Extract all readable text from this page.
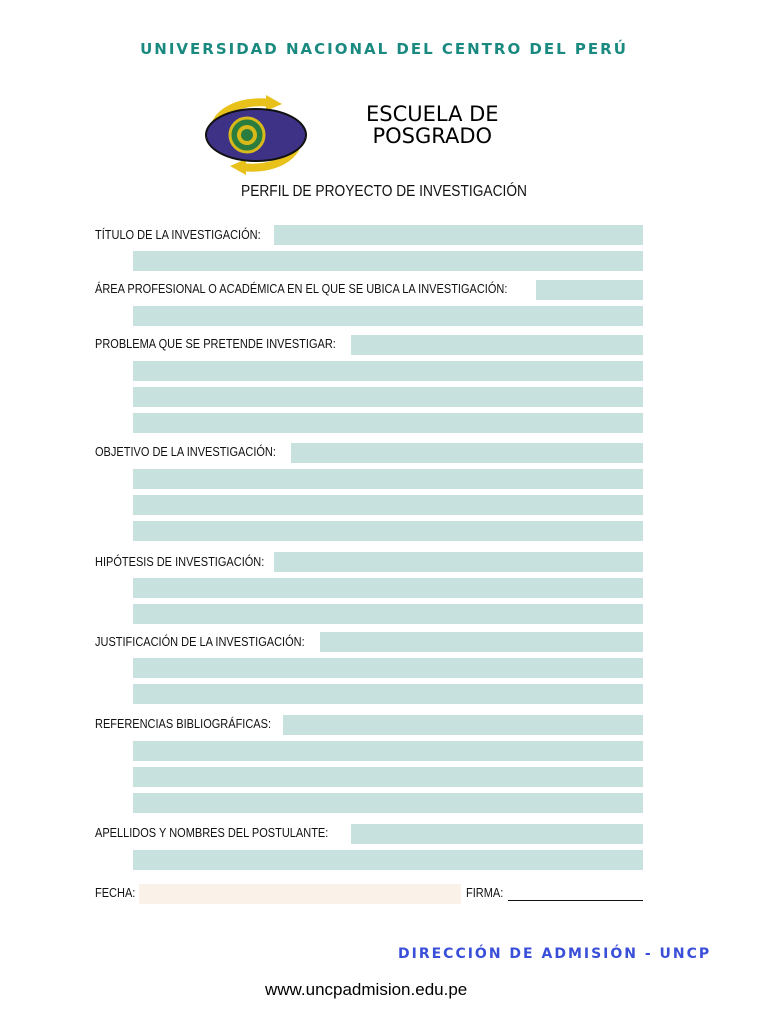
UNIVERSIDAD NACIONAL DEL CENTRO DEL PERÚ
ESCUELA DE
POSGRADO
PERFIL DE PROYECTO DE INVESTIGACIÓN
TÍTULO DE LA INVESTIGACIÓN:
ÁREA PROFESIONAL O ACADÉMICA EN EL QUE SE UBICA LA INVESTIGACIÓN:
PROBLEMA QUE SE PRETENDE INVESTIGAR:
OBJETIVO DE LA INVESTIGACIÓN:
HIPÓTESIS DE INVESTIGACIÓN:
JUSTIFICACIÓN DE LA INVESTIGACIÓN:
REFERENCIAS BIBLIOGRÁFICAS:
APELLIDOS Y NOMBRES DEL POSTULANTE:
FECHA:	FIRMA:
DIRECCIÓN DE ADMISIÓN - UNCP
www.uncpadmision.edu.pe
